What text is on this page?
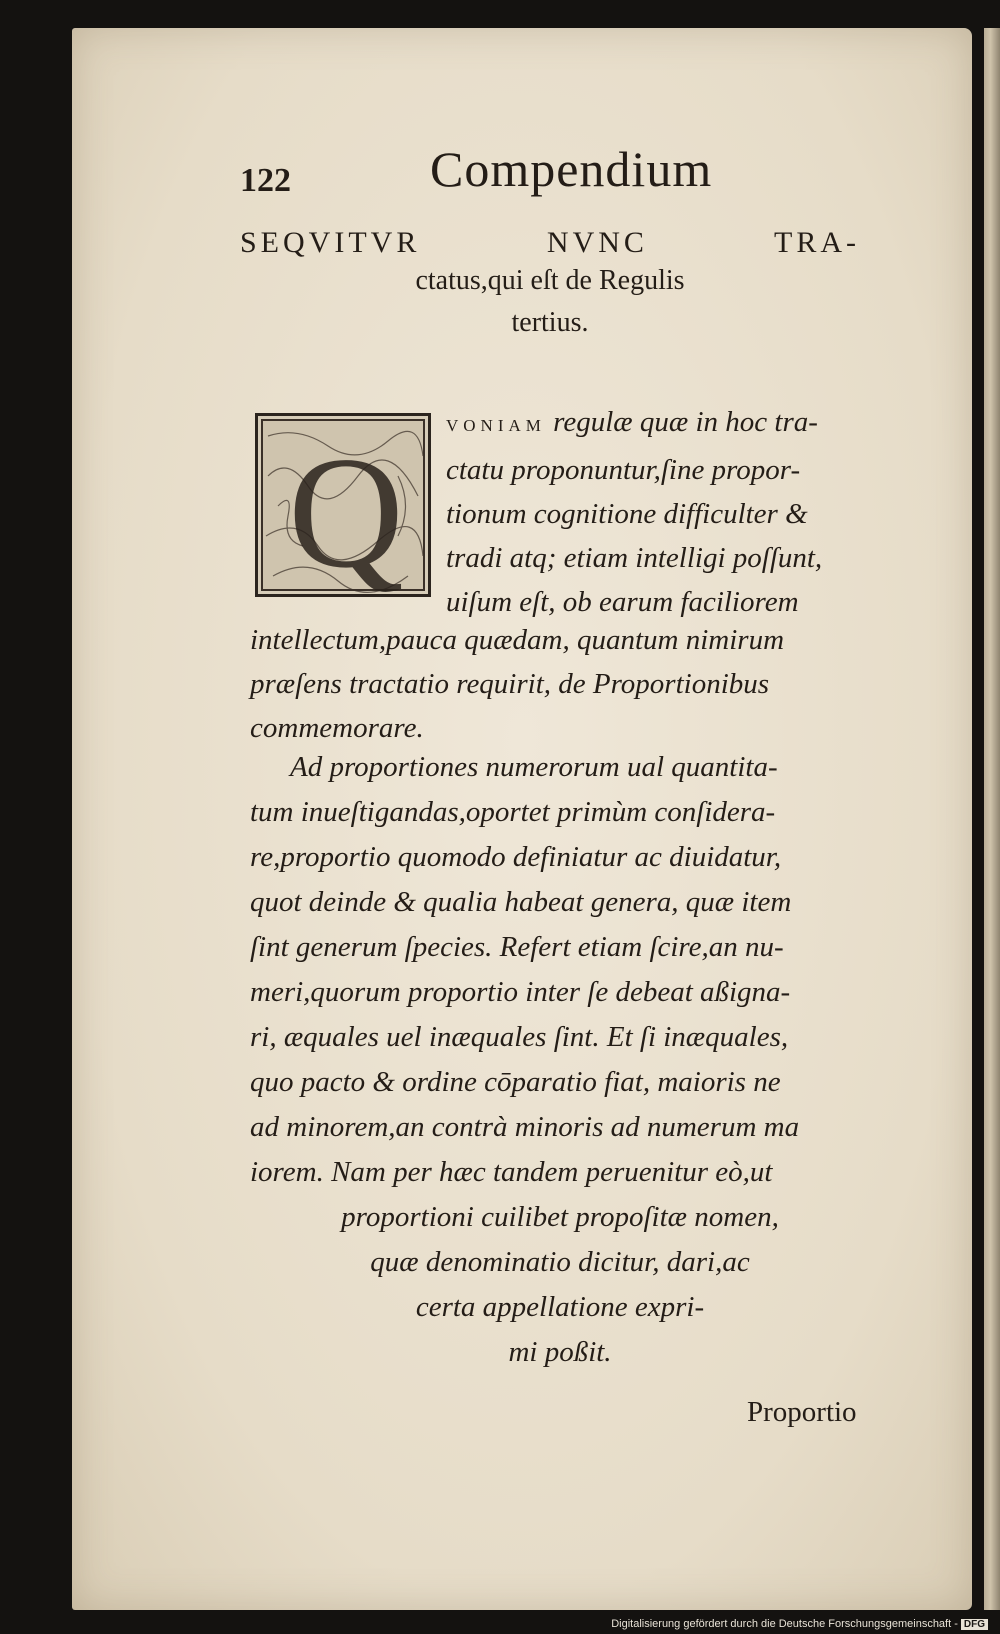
122	Compendium
SEQVITVR NVNC TRA-
ctatus,qui eſt de Regulis
tertius.
Q VONIAM regulæ quæ in hoc tra-
ctatu proponuntur,ſine propor-
tionum cognitione difficulter &
tradi atq; etiam intelligi poſſunt,
uiſum eſt, ob earum faciliorem
intellectum,pauca quædam, quantum nimirum
præſens tractatio requirit, de Proportionibus
commemorare.
Ad proportiones numerorum ual quantita-
tum inueſtigandas,oportet primùm conſidera-
re,proportio quomodo definiatur ac diuidatur,
quot deinde & qualia habeat genera, quæ item
ſint generum ſpecies. Refert etiam ſcire,an nu-
meri,quorum proportio inter ſe debeat aßigna-
ri, æquales uel inæquales ſint. Et ſi inæquales,
quo pacto & ordine cōparatio fiat, maioris ne
ad minorem,an contrà minoris ad numerum ma
iorem. Nam per hæc tandem peruenitur eò,ut
proportioni cuilibet propoſitæ nomen,
quæ denominatio dicitur, dari,ac
certa appellatione expri-
mi poßit.
Proportio
Digitalisierung gefördert durch die Deutsche Forschungsgemeinschaft - DFG
